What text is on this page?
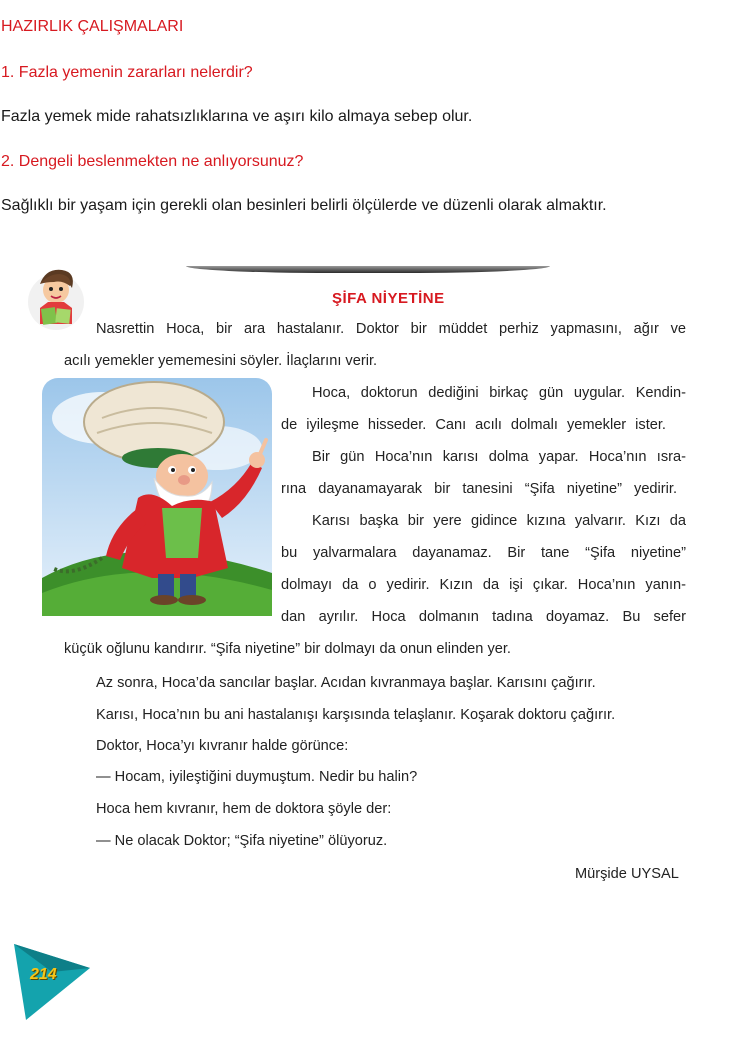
HAZIRLIK ÇALIŞMALARI
1. Fazla yemenin zararları nelerdir?
Fazla yemek mide rahatsızlıklarına ve aşırı kilo almaya sebep olur.
2. Dengeli beslenmekten ne anlıyorsunuz?
Sağlıklı bir yaşam için gerekli olan besinleri belirli ölçülerde ve düzenli olarak almaktır.
ŞİFA NİYETİNE
Nasrettin Hoca, bir ara hastalanır. Doktor bir müddet perhiz yapmasını, ağır ve
acılı yemekler yememesini söyler. İlaçlarını verir.
Hoca, doktorun dediğini birkaç gün uygular. Kendin-
de iyileşme hisseder. Canı acılı dolmalı yemekler ister.
Bir gün Hoca’nın karısı dolma yapar. Hoca’nın ısra-
rına dayanamayarak bir tanesini “Şifa niyetine” yedirir.
Karısı başka bir yere gidince kızına yalvarır. Kızı da
bu yalvarmalara dayanamaz. Bir tane “Şifa niyetine”
dolmayı da o yedirir. Kızın da işi çıkar. Hoca’nın yanın-
dan ayrılır. Hoca dolmanın tadına doyamaz. Bu sefer
küçük oğlunu kandırır. “Şifa niyetine” bir dolmayı da onun elinden yer.
Az sonra, Hoca’da sancılar başlar. Acıdan kıvranmaya başlar. Karısını çağırır.
Karısı, Hoca’nın bu ani hastalanışı karşısında telaşlanır. Koşarak doktoru çağırır.
Doktor, Hoca’yı kıvranır halde görünce:
— Hocam, iyileştiğini duymuştum. Nedir bu halin?
Hoca hem kıvranır, hem de doktora şöyle der:
— Ne olacak Doktor; “Şifa niyetine” ölüyoruz.
Mürşide UYSAL
214
